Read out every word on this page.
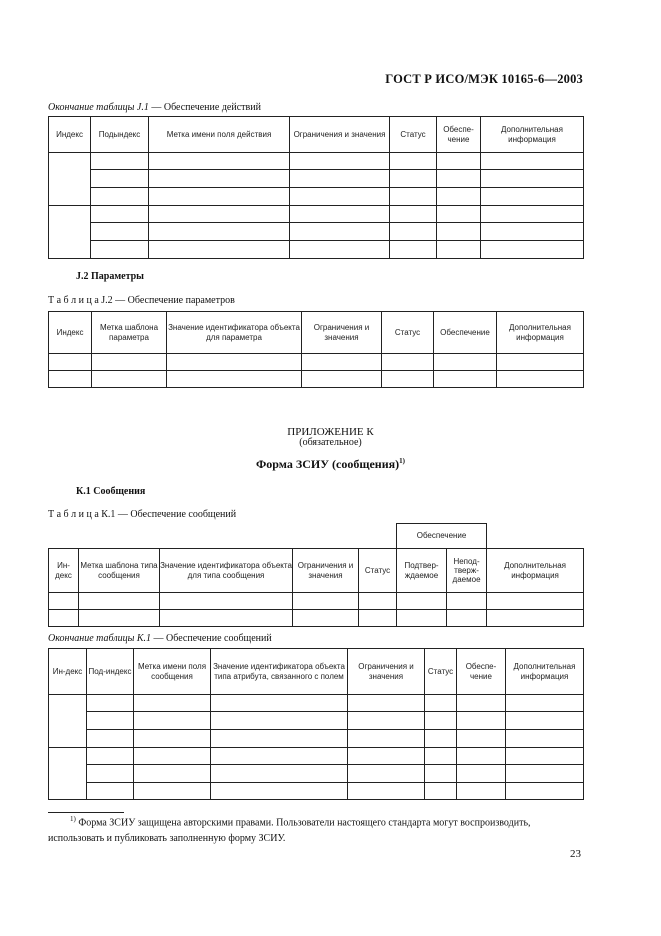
ГОСТ Р ИСО/МЭК 10165-6—2003
Окончание таблицы J.1 — Обеспечение действий
Индекс	Подындекс	Метка имени поля действия	Ограничения и значения	Статус	Обеспе-чение	Дополнительная информация

J.2 Параметры
Т а б л и ц а J.2 — Обеспечение параметров
Индекс	Метка шаблона параметра	Значение идентификатора объекта для параметра	Ограничения и значения	Статус	Обеспечение	Дополнительная информация

ПРИЛОЖЕНИЕ К
(обязательное)
Форма ЗСИУ (сообщения)$^{1)}$
К.1 Сообщения
Т а б л и ц а К.1 — Обеспечение сообщений
					Обеспечение		
Ин-декс	Метка шаблона типа сообщения	Значение идентификатора объекта для типа сообщения	Ограничения и значения	Статус	Подтвер-ждаемое	Непод-тверж-даемое	Дополнительная информация

Окончание таблицы К.1 — Обеспечение сообщений
Ин-декс	Под-индекс	Метка имени поля сообщения	Значение идентификатора объекта типа атрибута, связанного с полем	Ограничения и значения	Статус	Обеспе-чение	Дополнительная информация

$^{1)}$ Форма ЗСИУ защищена авторскими правами. Пользователи настоящего стандарта могут воспроизводить, использовать и публиковать заполненную форму ЗСИУ.
23
